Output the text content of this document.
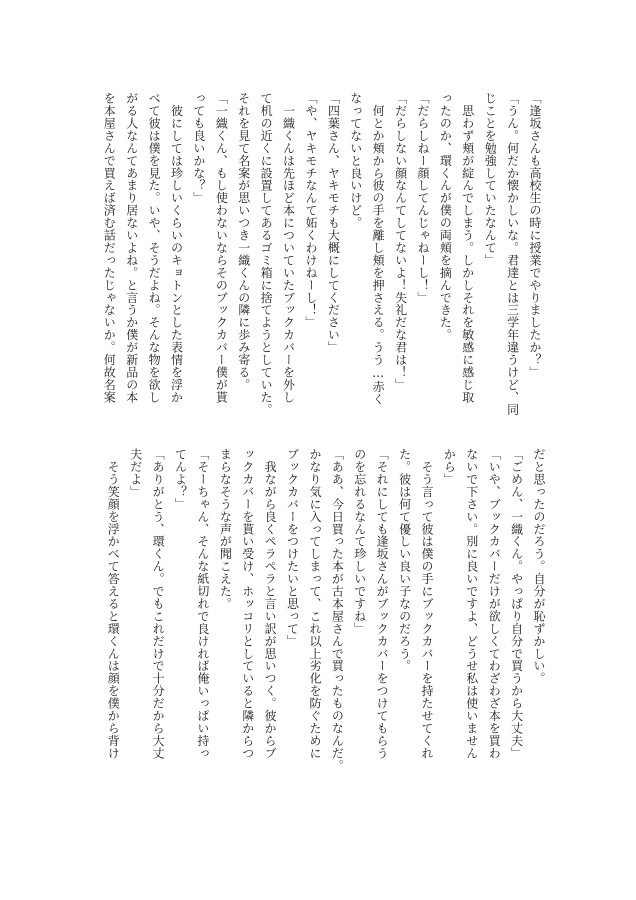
「逢坂さんも高校生の時に授業でやりましたか？」
「うん。何だか懐かしいな。君達とは三学年違うけど、同
じことを勉強していたなんて」
　思わず頬が綻んでしまう。しかしそれを敏感に感じ取
ったのか、環くんが僕の両頬を摘んできた。
「だらしねー顔してんじゃねーし！」
「だらしない顔なんてしてないよ！失礼だな君は！」
　何とか頬から彼の手を離し頬を押さえる。うう…赤く
なってないと良いけど。
「四葉さん、ヤキモチも大概にしてください」
「や、ヤキモチなんて妬くわけねーし！」
　一織くんは先ほど本についていたブックカバーを外し
て机の近くに設置してあるゴミ箱に捨てようとしていた。
それを見て名案が思いつき一織くんの隣に歩み寄る。
「一織くん、もし使わないならそのブックカバー僕が貰
っても良いかな？」
　彼にしては珍しいくらいのキョトンとした表情を浮か
べて彼は僕を見た。いや、そうだよね。そんな物を欲し
がる人なんてあまり居ないよね。と言うか僕が新品の本
を本屋さんで買えば済む話だったじゃないか。何故名案
だと思ったのだろう。自分が恥ずかしい。
「ごめん、一織くん。やっぱり自分で買うから大丈夫」
「いや、ブックカバーだけが欲しくてわざわざ本を買わ
ないで下さい。別に良いですよ、どうせ私は使いません
から」
　そう言って彼は僕の手にブックカバーを持たせてくれ
た。彼は何て優しい良い子なのだろう。
「それにしても逢坂さんがブックカバーをつけてもらう
のを忘れるなんて珍しいですね」
「ああ、今日買った本が古本屋さんで買ったものなんだ。
かなり気に入ってしまって、これ以上劣化を防ぐために
ブックカバーをつけたいと思って」
　我ながら良くペラペラと言い訳が思いつく。彼からブ
ックカバーを貰い受け、ホッコリとしていると隣からつ
まらなそうな声が聞こえた。
「そーちゃん、そんな紙切れで良ければ俺いっぱい持っ
てんよ？」
「ありがとう、環くん。でもこれだけで十分だから大丈
夫だよ」
　そう笑顔を浮かべて答えると環くんは顔を僕から背け
